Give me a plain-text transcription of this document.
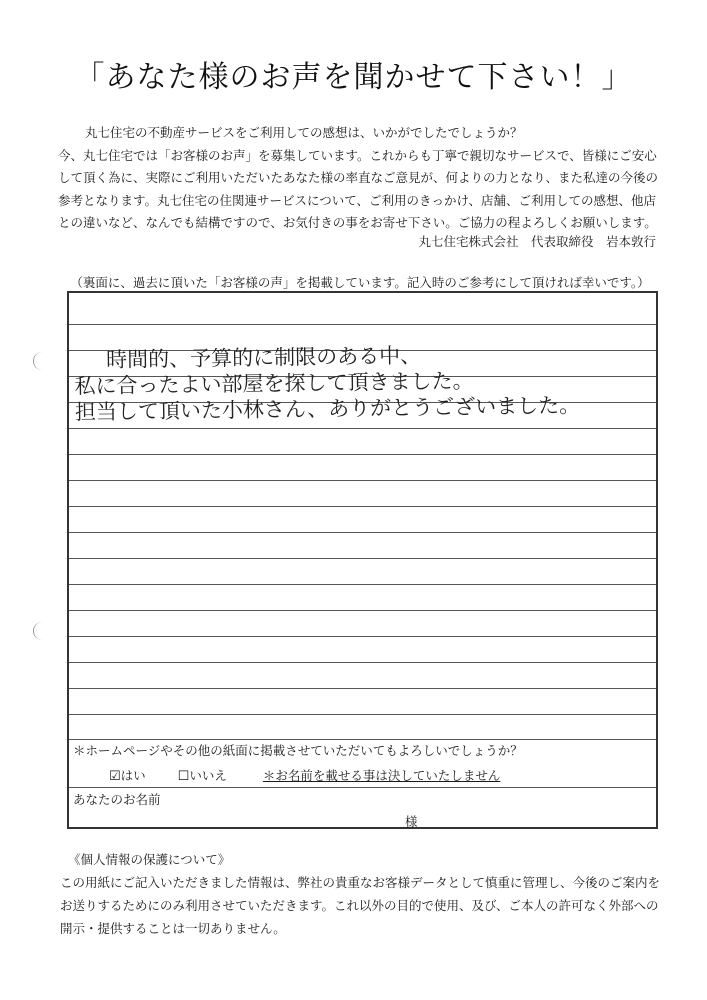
「あなた様のお声を聞かせて下さい！」

丸七住宅の不動産サービスをご利用しての感想は、いかがでしたでしょうか？

今、丸七住宅では「お客様のお声」を募集しています。これからも丁寧で親切なサービスで、皆様にご安心

して頂く為に、実際にご利用いただいたあなた様の率直なご意見が、何よりの力となり、また私達の今後の

参考となります。丸七住宅の住関連サービスについて、ご利用のきっかけ、店舗、ご利用しての感想、他店

との違いなど、なんでも結構ですので、お気付きの事をお寄せ下さい。ご協力の程よろしくお願いします。

丸七住宅株式会社　代表取締役　岩本敦行
（裏面に、過去に頂いた「お客様の声」を掲載しています。記入時のご参考にして頂ければ幸いです。）

時間的、予算的に制限のある中、

私に合ったよい部屋を探して頂きました。

担当して頂いた小林さん、ありがとうございました。

＊ホームページやその他の紙面に掲載させていただいてもよろしいでしょうか？
☑はい ☐いいえ	＊お名前を載せる事は決していたしません
あなたのお名前
様

《個人情報の保護について》

この用紙にご記入いただきました情報は、弊社の貴重なお客様データとして慎重に管理し、今後のご案内を

お送りするためにのみ利用させていただきます。これ以外の目的で使用、及び、ご本人の許可なく外部への

開示・提供することは一切ありません。
